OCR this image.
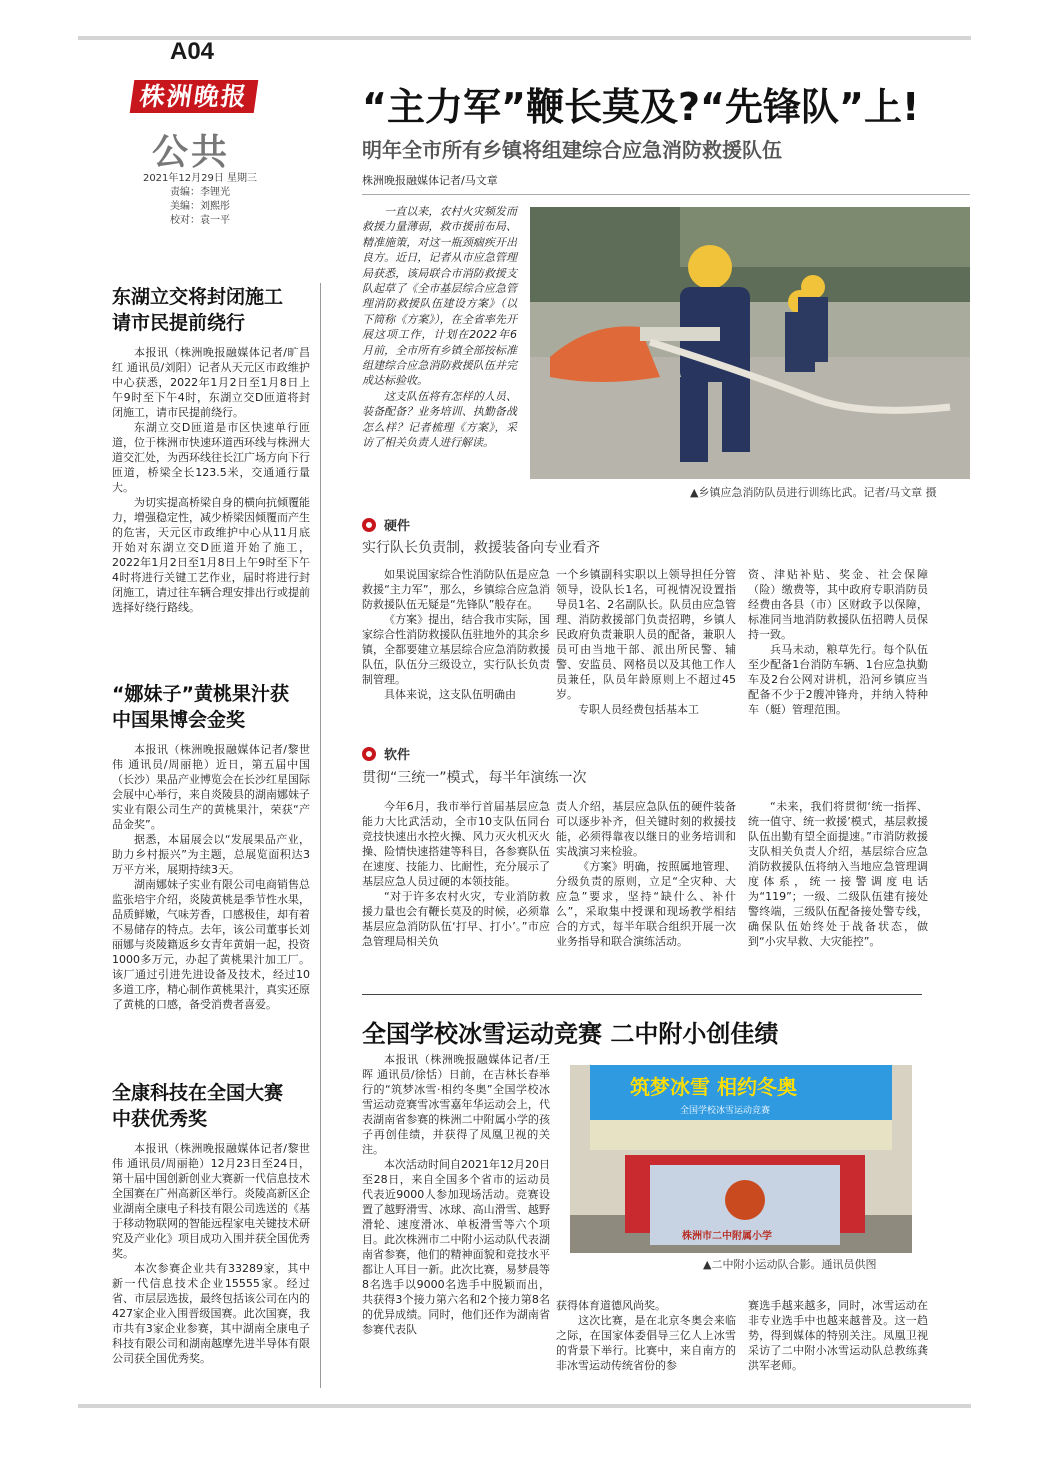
A04
株洲晚报
公共
2021年12月29日 星期三
责编：李锂光
美编：刘熙彤
校对：袁一平
东湖立交将封闭施工
请市民提前绕行

本报讯（株洲晚报融媒体记者/旷昌红 通讯员/刘阳）记者从天元区市政维护中心获悉，2022年1月2日至1月8日上午9时至下午4时，东湖立交D匝道将封闭施工，请市民提前绕行。

东湖立交D匝道是市区快速单行匝道，位于株洲市快速环道西环线与株洲大道交汇处，为西环线往长江广场方向下行匝道，桥梁全长123.5米，交通通行量大。

为切实提高桥梁自身的横向抗倾覆能力，增强稳定性，减少桥梁因倾覆而产生的危害，天元区市政维护中心从11月底开始对东湖立交D匝道开始了施工，2022年1月2日至1月8日上午9时至下午4时将进行关键工艺作业，届时将进行封闭施工，请过往车辆合理安排出行或提前选择好绕行路线。

“娜妹子”黄桃果汁获
中国果博会金奖

本报讯（株洲晚报融媒体记者/黎世伟 通讯员/周丽艳）近日，第五届中国（长沙）果品产业博览会在长沙红星国际会展中心举行，来自炎陵县的湖南娜妹子实业有限公司生产的黄桃果汁，荣获“产品金奖”。

据悉，本届展会以“发展果品产业，助力乡村振兴”为主题，总展览面积达3万平方米，展期持续3天。

湖南娜妹子实业有限公司电商销售总监张培宇介绍，炎陵黄桃是季节性水果，品质鲜嫩，气味芳香，口感极佳，却有着不易储存的特点。去年，该公司董事长刘丽娜与炎陵籍返乡女青年黄娟一起，投资1000多万元，办起了黄桃果汁加工厂。该厂通过引进先进设备及技术，经过10多道工序，精心制作黄桃果汁，真实还原了黄桃的口感，备受消费者喜爱。

全康科技在全国大赛
中获优秀奖

本报讯（株洲晚报融媒体记者/黎世伟 通讯员/周丽艳）12月23日至24日，第十届中国创新创业大赛新一代信息技术全国赛在广州高新区举行。炎陵高新区企业湖南全康电子科技有限公司选送的《基于移动物联网的智能远程家电关键技术研究及产业化》项目成功入围并获全国优秀奖。

本次参赛企业共有33289家，其中新一代信息技术企业15555家。经过省、市层层选拔，最终包括该公司在内的427家企业入围晋级国赛。此次国赛，我市共有3家企业参赛，其中湖南全康电子科技有限公司和湖南越摩先进半导体有限公司获全国优秀奖。

“主力军”鞭长莫及?“先锋队”上!
明年全市所有乡镇将组建综合应急消防救援队伍
株洲晚报融媒体记者/马文章

一直以来，农村火灾频发而救援力量薄弱，救市援前布局、精准施策，对这一瓶颈痼疾开出良方。近日，记者从市应急管理局获悉，该局联合市消防救援支队起草了《全市基层综合应急管理消防救援队伍建设方案》（以下简称《方案》），在全省率先开展这项工作，计划在2022年6月前，全市所有乡镇全部按标准组建综合应急消防救援队伍并完成达标验收。

这支队伍将有怎样的人员、装备配备？业务培训、执勤备战怎么样？记者梳理《方案》，采访了相关负责人进行解读。

▲乡镇应急消防队员进行训练比武。记者/马文章 摄
硬件
实行队长负责制，救援装备向专业看齐

如果说国家综合性消防队伍是应急救援“主力军”，那么，乡镇综合应急消防救援队伍无疑是“先锋队”般存在。

《方案》提出，结合我市实际，国家综合性消防救援队伍驻地外的其余乡镇，全都要建立基层综合应急消防救援队伍，队伍分三级设立，实行队长负责制管理。

具体来说，这支队伍明确由

一个乡镇副科实职以上领导担任分管领导，设队长1名，可视情况设置指导员1名、2名副队长。队员由应急管理、消防救援部门负责招聘，乡镇人民政府负责兼职人员的配备，兼职人员可由当地干部、派出所民警、辅警、安监员、网格员以及其他工作人员兼任，队员年龄原则上不超过45岁。

专职人员经费包括基本工

资、津贴补贴、奖金、社会保障（险）缴费等，其中政府专职消防员经费由各县（市）区财政予以保障，标准同当地消防救援队伍招聘人员保持一致。

兵马未动，粮草先行。每个队伍至少配备1台消防车辆、1台应急执勤车及2台公网对讲机，沿河乡镇应当配备不少于2艘冲锋舟，并纳入特种车（艇）管理范围。

软件
贯彻“三统一”模式，每半年演练一次

今年6月，我市举行首届基层应急能力大比武活动，全市10支队伍同台竞技快速出水控火操、风力灭火机灭火操、险情快速搭建等科目，各参赛队伍在速度、技能力、比耐性，充分展示了基层应急人员过硬的本领技能。

“对于许多农村火灾，专业消防救援力量也会有鞭长莫及的时候，必须靠基层应急消防队伍‘打早、打小’。”市应急管理局相关负

责人介绍，基层应急队伍的硬件装备可以逐步补齐，但关键时刻的救援技能，必须得靠夜以继日的业务培训和实战演习来检验。

《方案》明确，按照属地管理、分级负责的原则，立足“全灾种、大应急”要求，坚持“缺什么、补什么”，采取集中授课和现场教学相结合的方式，每半年联合组织开展一次业务指导和联合演练活动。

“未来，我们将贯彻‘统一指挥、统一值守、统一救援’模式，基层救援队伍出勤有望全面提速。”市消防救援支队相关负责人介绍，基层综合应急消防救援队伍将纳入当地应急管理调度体系，统一接警调度电话为“119”；一级、二级队伍建有接处警终端，三级队伍配备接处警专线，确保队伍始终处于战备状态，做到“小灾早救、大灾能控”。

全国学校冰雪运动竞赛 二中附小创佳绩

本报讯（株洲晚报融媒体记者/王晖 通讯员/徐恬）日前，在吉林长春举行的“筑梦冰雪·相约冬奥”全国学校冰雪运动竞赛雪冰雪嘉年华运动会上，代表湖南省参赛的株洲二中附属小学的孩子再创佳绩，并获得了凤凰卫视的关注。

本次活动时间自2021年12月20日至28日，来自全国多个省市的运动员代表近9000人参加现场活动。竞赛设置了越野滑雪、冰球、高山滑雪、越野滑轮、速度滑冰、单板滑雪等六个项目。此次株洲市二中附小运动队代表湖南省参赛，他们的精神面貌和竞技水平都让人耳目一新。此次比赛，易梦晨等8名选手以9000名选手中脱颖而出，共获得3个接力第六名和2个接力第8名的优异成绩。同时，他们还作为湖南省参赛代表队

筑梦冰雪 相约冬奥
全国学校冰雪运动竞赛
株洲市二中附属小学
▲二中附小运动队合影。通讯员供图

获得体育道德风尚奖。

这次比赛，是在北京冬奥会来临之际，在国家体委倡导三亿人上冰雪的背景下举行。比赛中，来自南方的非冰雪运动传统省份的参

赛选手越来越多，同时，冰雪运动在非专业选手中也越来越普及。这一趋势，得到媒体的特别关注。凤凰卫视采访了二中附小冰雪运动队总教练龚洪军老师。
